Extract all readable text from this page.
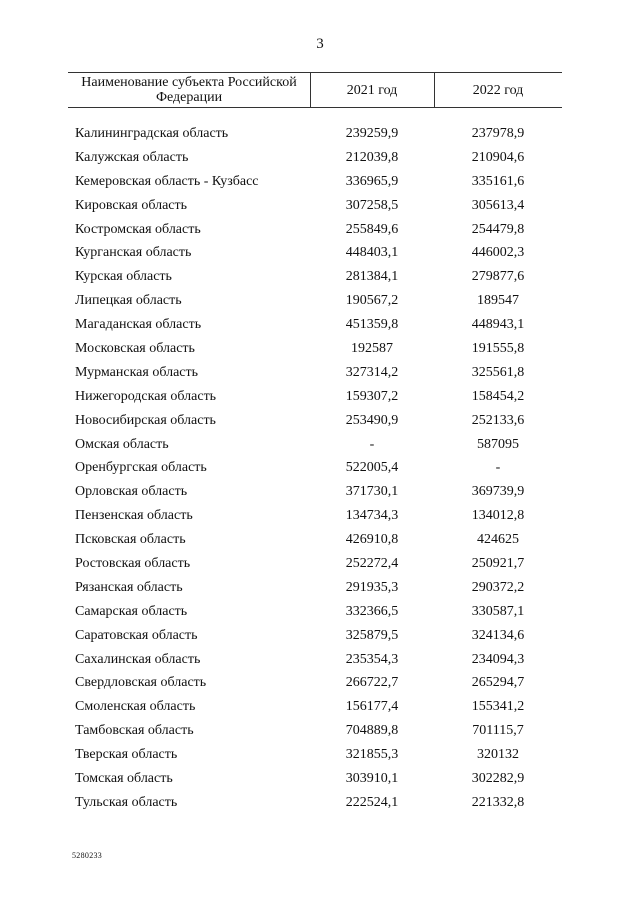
3
Наименование субъекта Российской Федерации	2021 год	2022 год
Калининградская область	239259,9	237978,9
Калужская область	212039,8	210904,6
Кемеровская область - Кузбасс	336965,9	335161,6
Кировская область	307258,5	305613,4
Костромская область	255849,6	254479,8
Курганская область	448403,1	446002,3
Курская область	281384,1	279877,6
Липецкая область	190567,2	189547
Магаданская область	451359,8	448943,1
Московская область	192587	191555,8
Мурманская область	327314,2	325561,8
Нижегородская область	159307,2	158454,2
Новосибирская область	253490,9	252133,6
Омская область	-	587095
Оренбургская область	522005,4	-
Орловская область	371730,1	369739,9
Пензенская область	134734,3	134012,8
Псковская область	426910,8	424625
Ростовская область	252272,4	250921,7
Рязанская область	291935,3	290372,2
Самарская область	332366,5	330587,1
Саратовская область	325879,5	324134,6
Сахалинская область	235354,3	234094,3
Свердловская область	266722,7	265294,7
Смоленская область	156177,4	155341,2
Тамбовская область	704889,8	701115,7
Тверская область	321855,3	320132
Томская область	303910,1	302282,9
Тульская область	222524,1	221332,8
5280233
